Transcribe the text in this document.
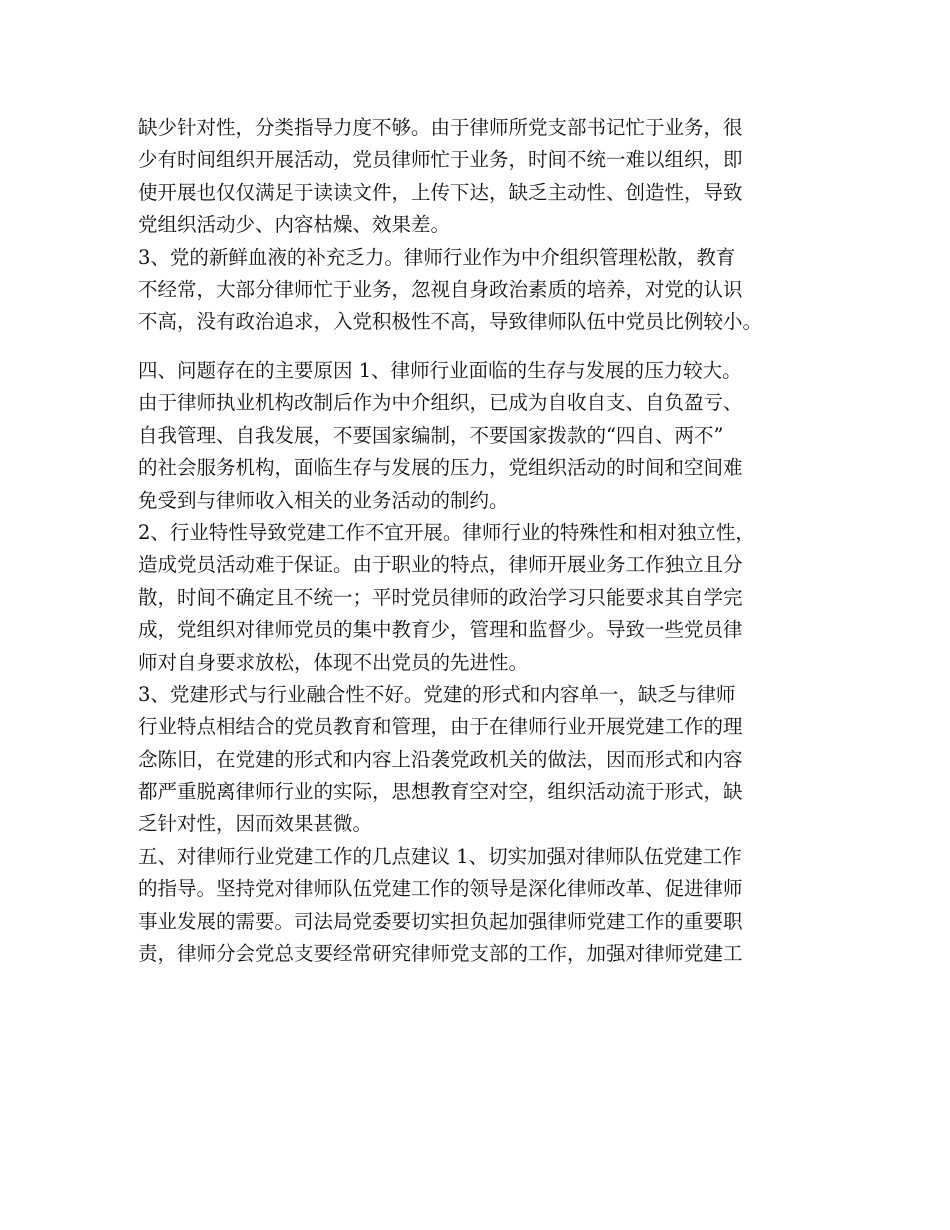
缺少针对性，分类指导力度不够。由于律师所党支部书记忙于业务，很
少有时间组织开展活动，党员律师忙于业务，时间不统一难以组织，即
使开展也仅仅满足于读读文件，上传下达，缺乏主动性、创造性，导致
党组织活动少、内容枯燥、效果差。
3、党的新鲜血液的补充乏力。律师行业作为中介组织管理松散，教育
不经常，大部分律师忙于业务，忽视自身政治素质的培养，对党的认识
不高，没有政治追求，入党积极性不高，导致律师队伍中党员比例较小。
四、问题存在的主要原因 1、律师行业面临的生存与发展的压力较大。
由于律师执业机构改制后作为中介组织，已成为自收自支、自负盈亏、
自我管理、自我发展，不要国家编制，不要国家拨款的“四自、两不”
的社会服务机构，面临生存与发展的压力，党组织活动的时间和空间难
免受到与律师收入相关的业务活动的制约。
2、行业特性导致党建工作不宜开展。律师行业的特殊性和相对独立性，
造成党员活动难于保证。由于职业的特点，律师开展业务工作独立且分
散，时间不确定且不统一；平时党员律师的政治学习只能要求其自学完
成，党组织对律师党员的集中教育少，管理和监督少。导致一些党员律
师对自身要求放松，体现不出党员的先进性。
3、党建形式与行业融合性不好。党建的形式和内容单一，缺乏与律师
行业特点相结合的党员教育和管理，由于在律师行业开展党建工作的理
念陈旧，在党建的形式和内容上沿袭党政机关的做法，因而形式和内容
都严重脱离律师行业的实际，思想教育空对空，组织活动流于形式，缺
乏针对性，因而效果甚微。
五、对律师行业党建工作的几点建议 1、切实加强对律师队伍党建工作
的指导。坚持党对律师队伍党建工作的领导是深化律师改革、促进律师
事业发展的需要。司法局党委要切实担负起加强律师党建工作的重要职
责，律师分会党总支要经常研究律师党支部的工作，加强对律师党建工
